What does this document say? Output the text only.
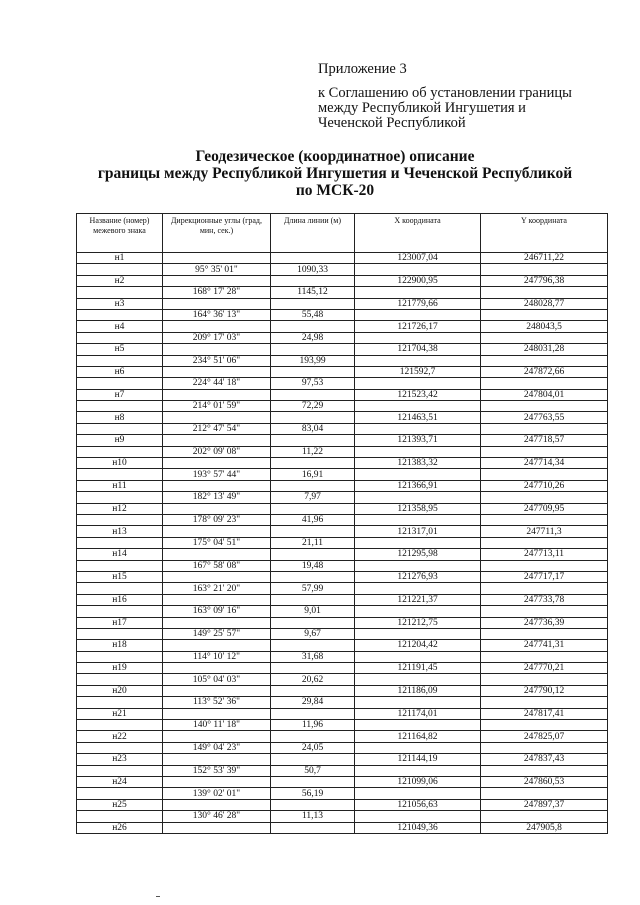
Приложение 3
к Соглашению об установлении границы
между Республикой Ингушетия и
Чеченской Республикой
Геодезическое (координатное) описание
границы между Республикой Ингушетия и Чеченской Республикой
по МСК-20
Название (номер) межевого знака	Дирекционные углы (град, мин, сек.)	Длина линии (м)	X координата	Y координата
н1			123007,04	246711,22
	95° 35' 01"	1090,33		
н2			122900,95	247796,38
	168° 17' 28"	1145,12		
н3			121779,66	248028,77
	164° 36' 13"	55,48		
н4			121726,17	248043,5
	209° 17' 03"	24,98		
н5			121704,38	248031,28
	234° 51' 06"	193,99		
н6			121592,7	247872,66
	224° 44' 18"	97,53		
н7			121523,42	247804,01
	214° 01' 59"	72,29		
н8			121463,51	247763,55
	212° 47' 54"	83,04		
н9			121393,71	247718,57
	202° 09' 08"	11,22		
н10			121383,32	247714,34
	193° 57' 44"	16,91		
н11			121366,91	247710,26
	182° 13' 49"	7,97		
н12			121358,95	247709,95
	178° 09' 23"	41,96		
н13			121317,01	247711,3
	175° 04' 51"	21,11		
н14			121295,98	247713,11
	167° 58' 08"	19,48		
н15			121276,93	247717,17
	163° 21' 20"	57,99		
н16			121221,37	247733,78
	163° 09' 16"	9,01		
н17			121212,75	247736,39
	149° 25' 57"	9,67		
н18			121204,42	247741,31
	114° 10' 12"	31,68		
н19			121191,45	247770,21
	105° 04' 03"	20,62		
н20			121186,09	247790,12
	113° 52' 36"	29,84		
н21			121174,01	247817,41
	140° 11' 18"	11,96		
н22			121164,82	247825,07
	149° 04' 23"	24,05		
н23			121144,19	247837,43
	152° 53' 39"	50,7		
н24			121099,06	247860,53
	139° 02' 01"	56,19		
н25			121056,63	247897,37
	130° 46' 28"	11,13		
н26			121049,36	247905,8
